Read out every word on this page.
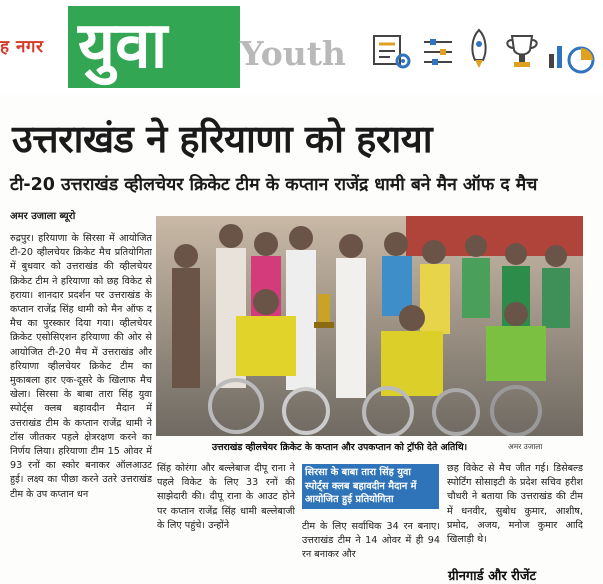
ह नगर युवा Youth
उत्तराखंड ने हरियाणा को हराया
टी-20 उत्तराखंड व्हीलचेयर क्रिकेट टीम के कप्तान राजेंद्र धामी बने मैन ऑफ द मैच
अमर उजाला ब्यूरो
रुद्रपुर। हरियाणा के सिरसा में आयोजित टी-20 व्हीलचेयर क्रिकेट मैच प्रतियोगिता में बुधवार को उत्तराखंड की व्हीलचेयर क्रिकेट टीम ने हरियाणा को छह विकेट से हराया। शानदार प्रदर्शन पर उत्तराखंड के कप्तान राजेंद्र सिंह धामी को मैन ऑफ द मैच का पुरस्कार दिया गया। व्हीलचेयर क्रिकेट एसोसिएशन हरियाणा की ओर से आयोजित टी-20 मैच में उत्तराखंड और हरियाणा व्हीलचेयर क्रिकेट टीम का मुकाबला हार एक-दूसरे के खिलाफ मैच खेला। सिरसा के बाबा तारा सिंह युवा स्पोर्ट्स क्लब बहावदीन मैदान में उत्तराखंड टीम के कप्तान राजेंद्र धामी ने टॉस जीतकर पहले क्षेत्ररक्षण करने का निर्णय लिया। हरियाणा टीम 15 ओवर में 93 रनों का स्कोर बनाकर ऑलआउट हुई। लक्ष्य का पीछा करने उतरे उत्तराखंड टीम के उप कप्तान धन
उत्तराखंड व्हीलचेयर क्रिकेट के कप्तान और उपकप्तान को ट्रॉफी देते अतिथि।	अमर उजाला
सिंह कोरंगा और बल्लेबाज दीपू राना ने पहले विकेट के लिए 33 रनों की साझेदारी की। दीपू राना के आउट होने पर कप्तान राजेंद्र सिंह धामी बल्लेबाजी के लिए पहुंचे। उन्होंने	टीम के लिए सर्वाधिक 34 रन बनाए। उत्तराखंड टीम ने 14 ओवर में ही 94 रन बनाकर और
सिरसा के बाबा तारा सिंह युवा स्पोर्ट्स क्लब बहावदीन मैदान में आयोजित हुई प्रतियोगिता
छह विकेट से मैच जीत गई। डिसेबल्ड स्पोर्टिंग सोसाइटी के प्रदेश सचिव हरीश चौधरी ने बताया कि उत्तराखंड की टीम में धनवीर, सुबोध कुमार, आशीष, प्रमोद, अजय, मनोज कुमार आदि खिलाड़ी थे।
ग्रीनगार्ड और रीजेंट
